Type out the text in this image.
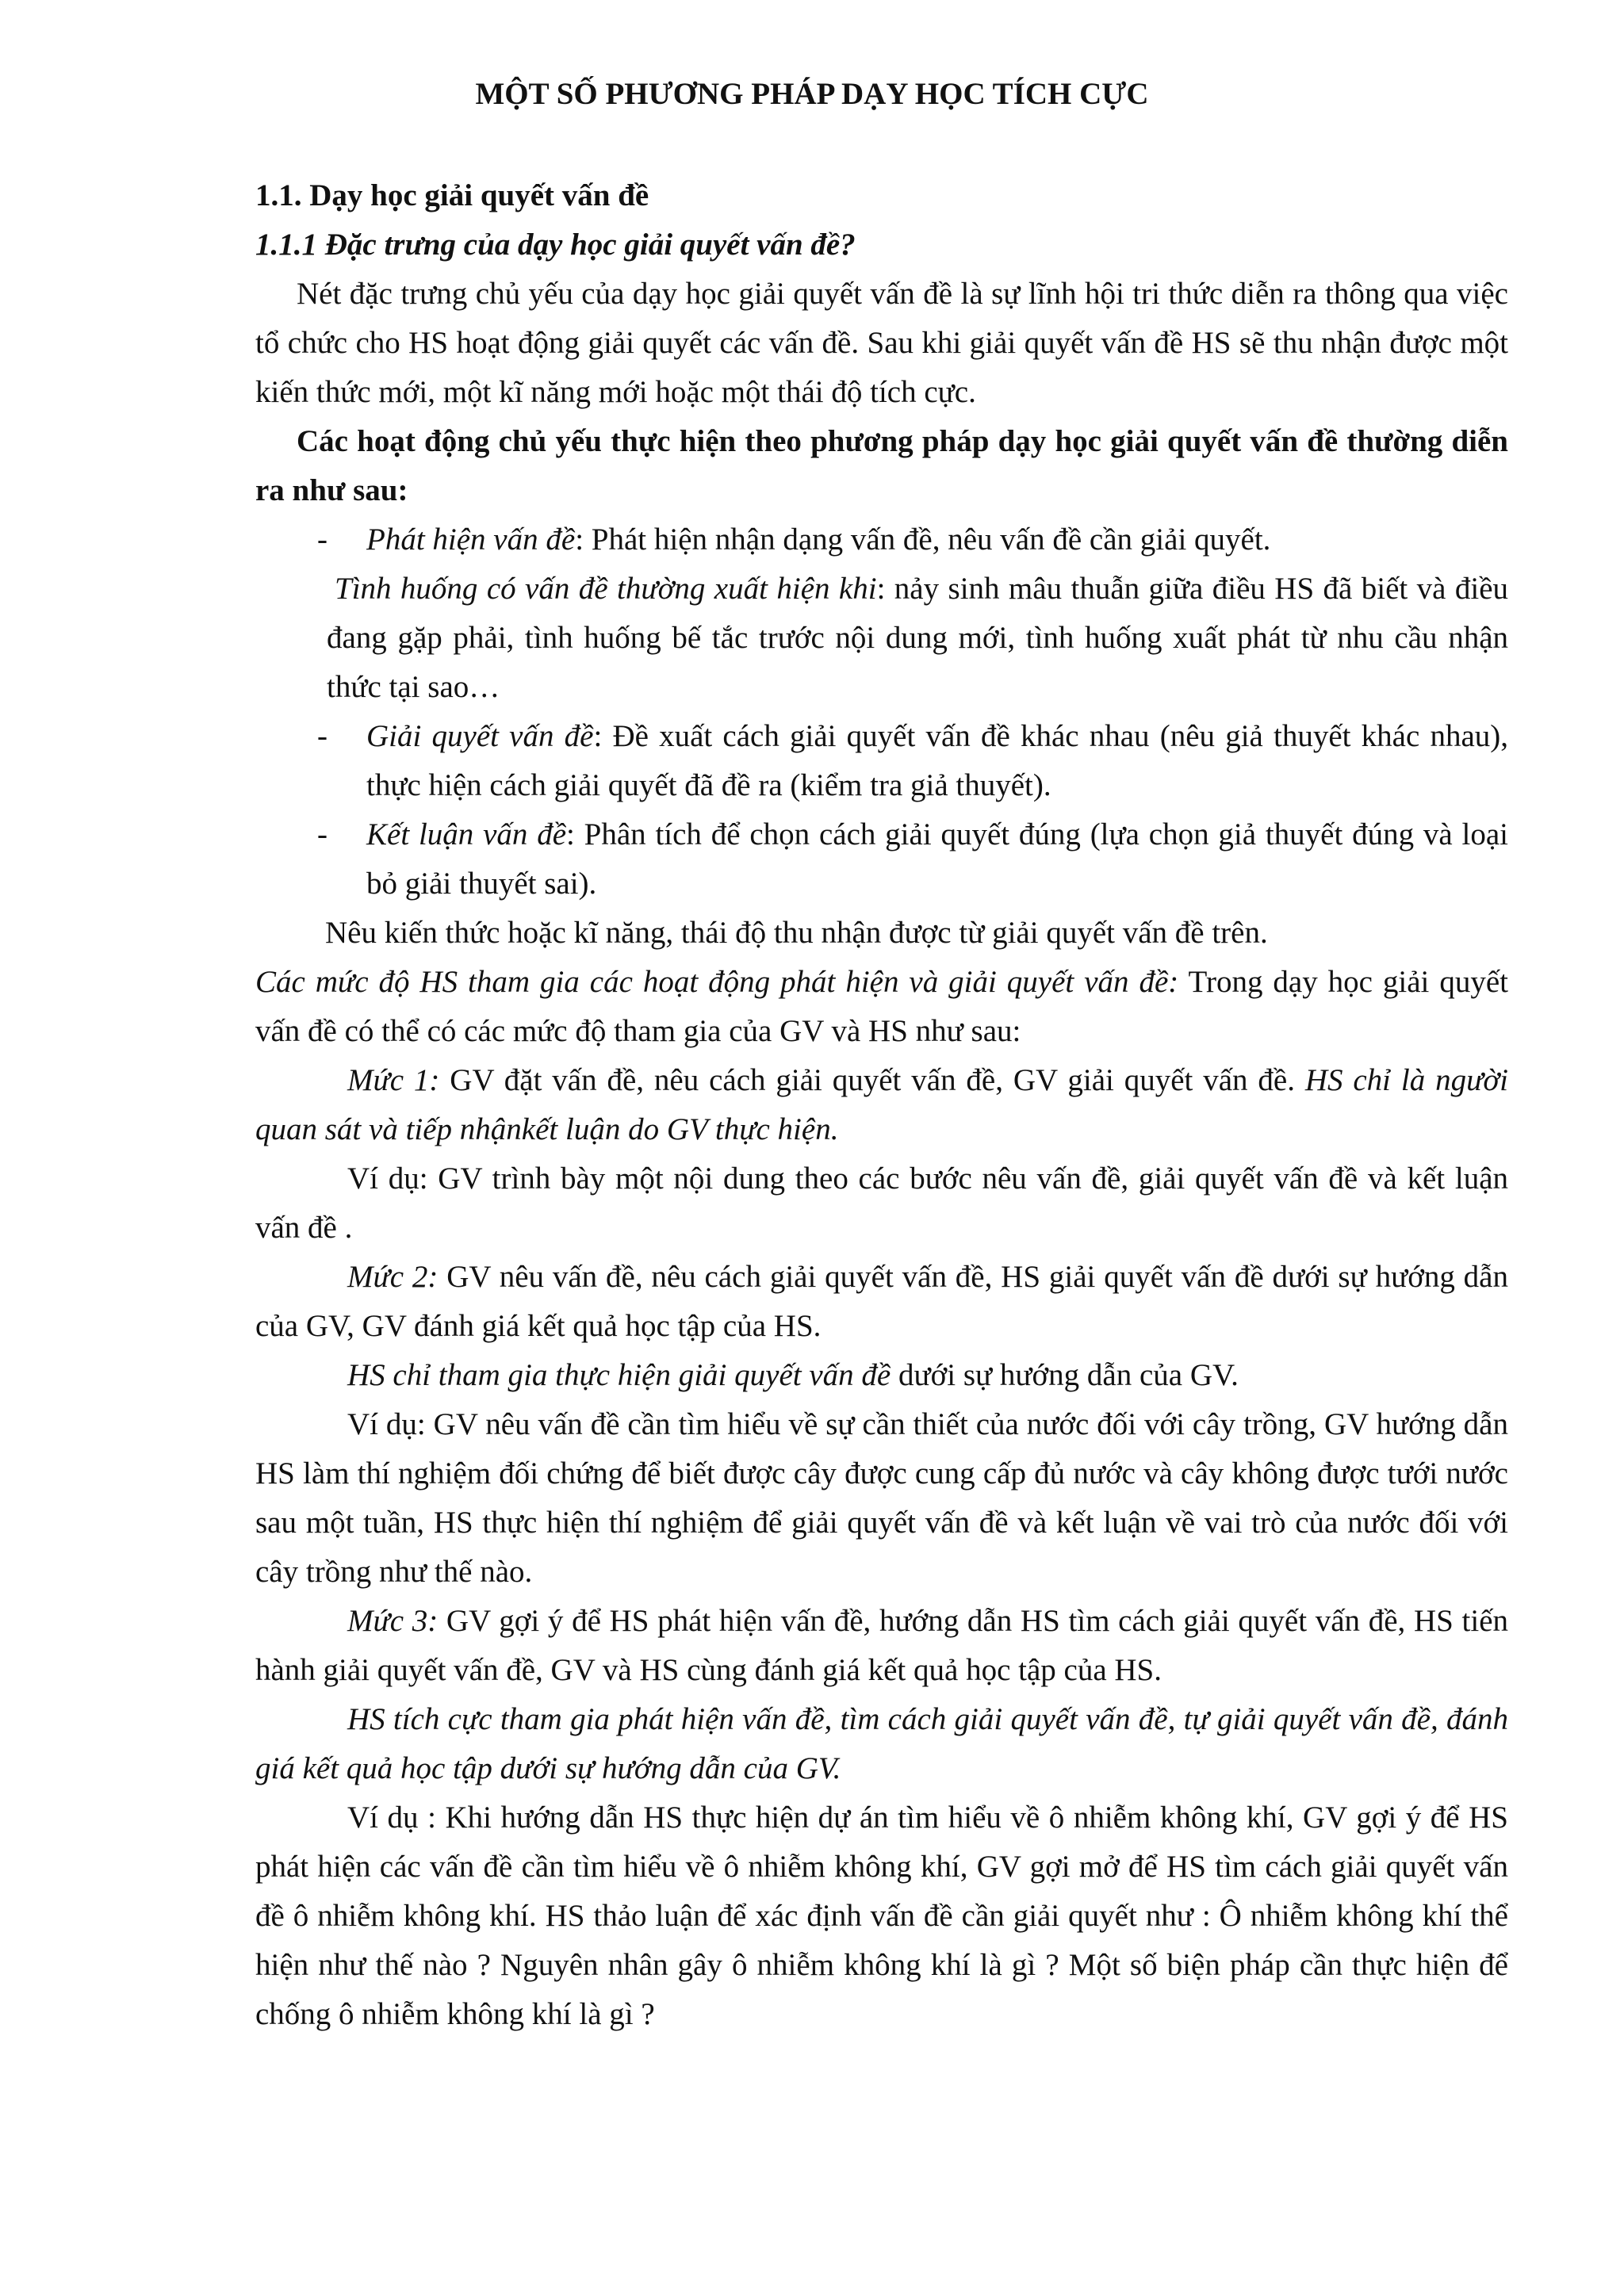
MỘT SỐ PHƯƠNG PHÁP DẠY HỌC TÍCH CỰC

1.1. Dạy học giải quyết vấn đề

1.1.1 Đặc trưng của dạy học giải quyết vấn đề?

Nét đặc trưng chủ yếu của dạy học giải quyết vấn đề là sự lĩnh hội tri thức diễn ra thông qua việc tổ chức cho HS hoạt động giải quyết các vấn đề. Sau khi giải quyết vấn đề HS sẽ thu nhận được một kiến thức mới, một kĩ năng mới hoặc một thái độ tích cực.

Các hoạt động chủ yếu thực hiện theo phương pháp dạy học giải quyết vấn đề thường diễn ra như sau:

- Phát hiện vấn đề: Phát hiện nhận dạng vấn đề, nêu vấn đề cần giải quyết.
Tình huống có vấn đề thường xuất hiện khi: nảy sinh mâu thuẫn giữa điều HS đã biết và điều đang gặp phải, tình huống bế tắc trước nội dung mới, tình huống xuất phát từ nhu cầu nhận thức tại sao…
- Giải quyết vấn đề: Đề xuất cách giải quyết vấn đề khác nhau (nêu giả thuyết khác nhau), thực hiện cách giải quyết đã đề ra (kiểm tra giả thuyết).
- Kết luận vấn đề: Phân tích để chọn cách giải quyết đúng (lựa chọn giả thuyết đúng và loại bỏ giải thuyết sai).

Nêu kiến thức hoặc kĩ năng, thái độ thu nhận được từ giải quyết vấn đề trên.

Các mức độ HS tham gia các hoạt động phát hiện và giải quyết vấn đề: Trong dạy học giải quyết vấn đề có thể có các mức độ tham gia của GV và HS như sau:

Mức 1: GV đặt vấn đề, nêu cách giải quyết vấn đề, GV giải quyết vấn đề. HS chỉ là người quan sát và tiếp nhậnkết luận do GV thực hiện.

Ví dụ: GV trình bày một nội dung theo các bước nêu vấn đề, giải quyết vấn đề và kết luận vấn đề .

Mức 2: GV nêu vấn đề, nêu cách giải quyết vấn đề, HS giải quyết vấn đề dưới sự hướng dẫn của GV, GV đánh giá kết quả học tập của HS.

HS chỉ tham gia thực hiện giải quyết vấn đề dưới sự hướng dẫn của GV.

Ví dụ: GV nêu vấn đề cần tìm hiểu về sự cần thiết của nước đối với cây trồng, GV hướng dẫn HS làm thí nghiệm đối chứng để biết được cây được cung cấp đủ nước và cây không được tưới nước sau một tuần, HS thực hiện thí nghiệm để giải quyết vấn đề và kết luận về vai trò của nước đối với cây trồng như thế nào.

Mức 3: GV gợi ý để HS phát hiện vấn đề, hướng dẫn HS tìm cách giải quyết vấn đề, HS tiến hành giải quyết vấn đề, GV và HS cùng đánh giá kết quả học tập của HS.

HS tích cực tham gia phát hiện vấn đề, tìm cách giải quyết vấn đề, tự giải quyết vấn đề, đánh giá kết quả học tập dưới sự hướng dẫn của GV.

Ví dụ : Khi hướng dẫn HS thực hiện dự án tìm hiểu về ô nhiễm không khí, GV gợi ý để HS phát hiện các vấn đề cần tìm hiểu về ô nhiễm không khí, GV gợi mở để HS tìm cách giải quyết vấn đề ô nhiễm không khí. HS thảo luận để xác định vấn đề cần giải quyết như : Ô nhiễm không khí thể hiện như thế nào ? Nguyên nhân gây ô nhiễm không khí là gì ? Một số biện pháp cần thực hiện để chống ô nhiễm không khí là gì ?
